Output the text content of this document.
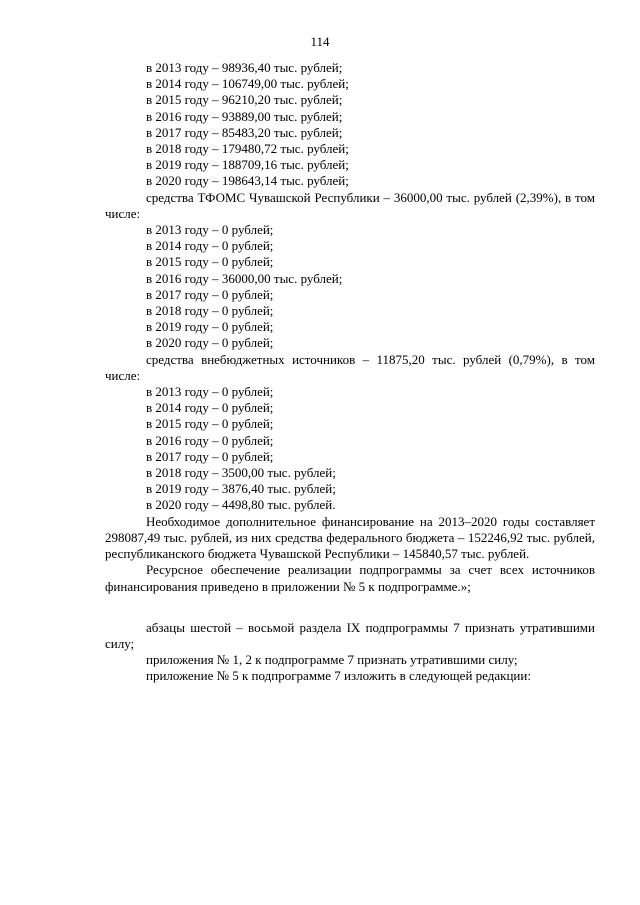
114
в 2013 году – 98936,40 тыс. рублей;
в 2014 году – 106749,00 тыс. рублей;
в 2015 году – 96210,20 тыс. рублей;
в 2016 году – 93889,00 тыс. рублей;
в 2017 году – 85483,20 тыс. рублей;
в 2018 году – 179480,72 тыс. рублей;
в 2019 году – 188709,16 тыс. рублей;
в 2020 году – 198643,14 тыс. рублей;

средства ТФОМС Чувашской Республики – 36000,00 тыс. рублей (2,39%), в том числе:

в 2013 году – 0 рублей;
в 2014 году – 0 рублей;
в 2015 году – 0 рублей;
в 2016 году – 36000,00 тыс. рублей;
в 2017 году – 0 рублей;
в 2018 году – 0 рублей;
в 2019 году – 0 рублей;
в 2020 году – 0 рублей;

средства внебюджетных источников – 11875,20 тыс. рублей (0,79%), в том числе:

в 2013 году – 0 рублей;
в 2014 году – 0 рублей;
в 2015 году – 0 рублей;
в 2016 году – 0 рублей;
в 2017 году – 0 рублей;
в 2018 году – 3500,00 тыс. рублей;
в 2019 году – 3876,40 тыс. рублей;
в 2020 году – 4498,80 тыс. рублей.

Необходимое дополнительное финансирование на 2013–2020 годы составляет 298087,49 тыс. рублей, из них средства федерального бюджета – 152246,92 тыс. рублей, республиканского бюджета Чувашской Республики – 145840,57 тыс. рублей.

Ресурсное обеспечение реализации подпрограммы за счет всех источников финансирования приведено в приложении № 5 к подпрограмме.»;

абзацы шестой – восьмой раздела IX подпрограммы 7 признать утратившими силу;

приложения № 1, 2 к подпрограмме 7 признать утратившими силу;

приложение № 5 к подпрограмме 7 изложить в следующей редакции:
